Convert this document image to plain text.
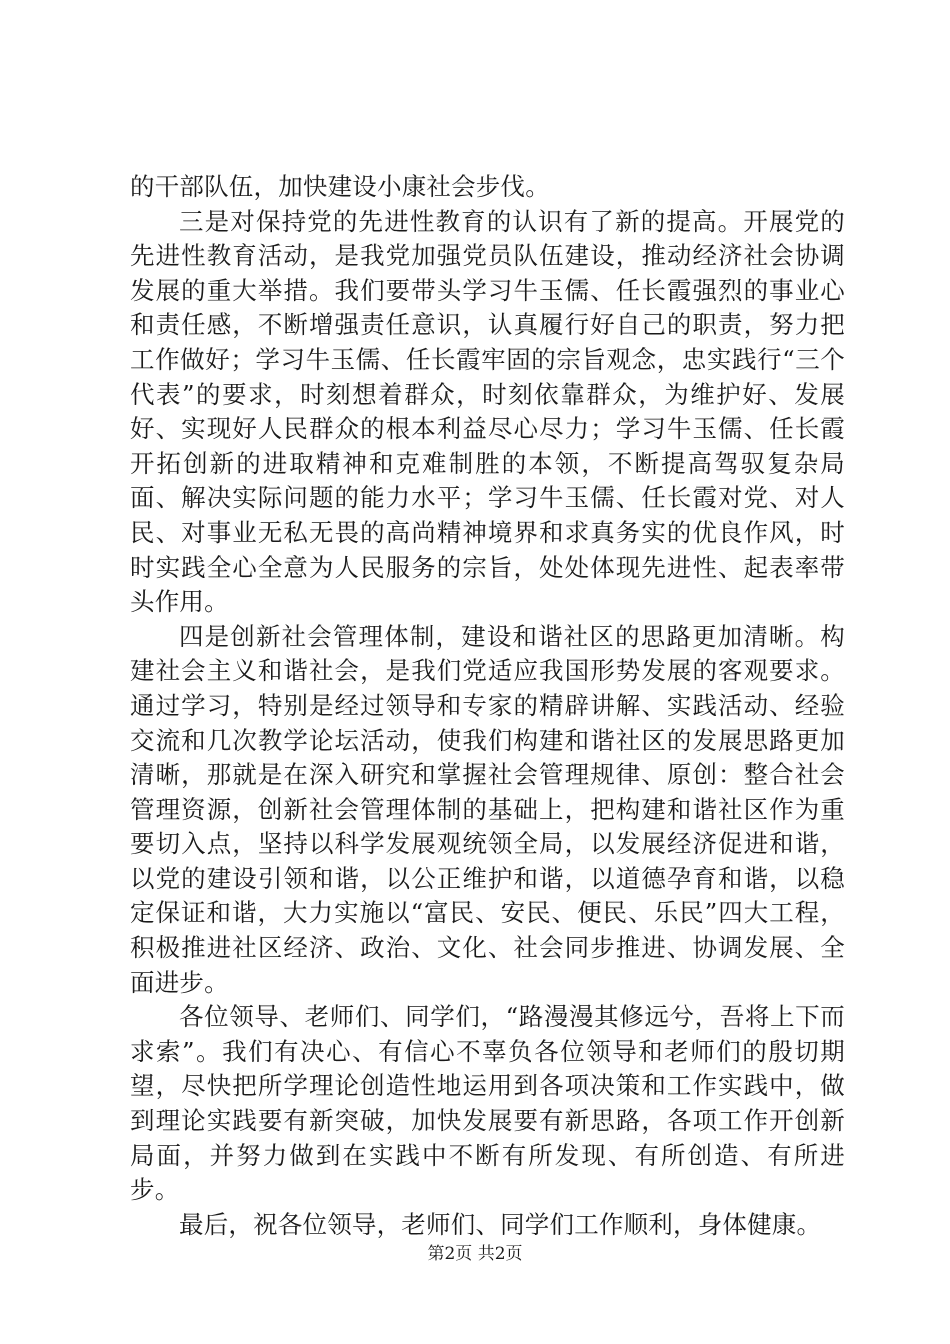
的干部队伍，加快建设小康社会步伐。

三是对保持党的先进性教育的认识有了新的提高。开展党的先进性教育活动，是我党加强党员队伍建设，推动经济社会协调发展的重大举措。我们要带头学习牛玉儒、任长霞强烈的事业心和责任感，不断增强责任意识，认真履行好自己的职责，努力把工作做好；学习牛玉儒、任长霞牢固的宗旨观念，忠实践行“三个代表”的要求，时刻想着群众，时刻依靠群众，为维护好、发展好、实现好人民群众的根本利益尽心尽力；学习牛玉儒、任长霞开拓创新的进取精神和克难制胜的本领，不断提高驾驭复杂局面、解决实际问题的能力水平；学习牛玉儒、任长霞对党、对人民、对事业无私无畏的高尚精神境界和求真务实的优良作风，时时实践全心全意为人民服务的宗旨，处处体现先进性、起表率带头作用。

四是创新社会管理体制，建设和谐社区的思路更加清晰。构建社会主义和谐社会，是我们党适应我国形势发展的客观要求。通过学习，特别是经过领导和专家的精辟讲解、实践活动、经验交流和几次教学论坛活动，使我们构建和谐社区的发展思路更加清晰，那就是在深入研究和掌握社会管理规律、原创：整合社会管理资源，创新社会管理体制的基础上，把构建和谐社区作为重要切入点，坚持以科学发展观统领全局，以发展经济促进和谐，以党的建设引领和谐，以公正维护和谐，以道德孕育和谐，以稳定保证和谐，大力实施以“富民、安民、便民、乐民”四大工程，积极推进社区经济、政治、文化、社会同步推进、协调发展、全面进步。

各位领导、老师们、同学们，“路漫漫其修远兮，吾将上下而求索”。我们有决心、有信心不辜负各位领导和老师们的殷切期望，尽快把所学理论创造性地运用到各项决策和工作实践中，做到理论实践要有新突破，加快发展要有新思路，各项工作开创新局面，并努力做到在实践中不断有所发现、有所创造、有所进步。

最后，祝各位领导，老师们、同学们工作顺利，身体健康。

第2页 共2页
